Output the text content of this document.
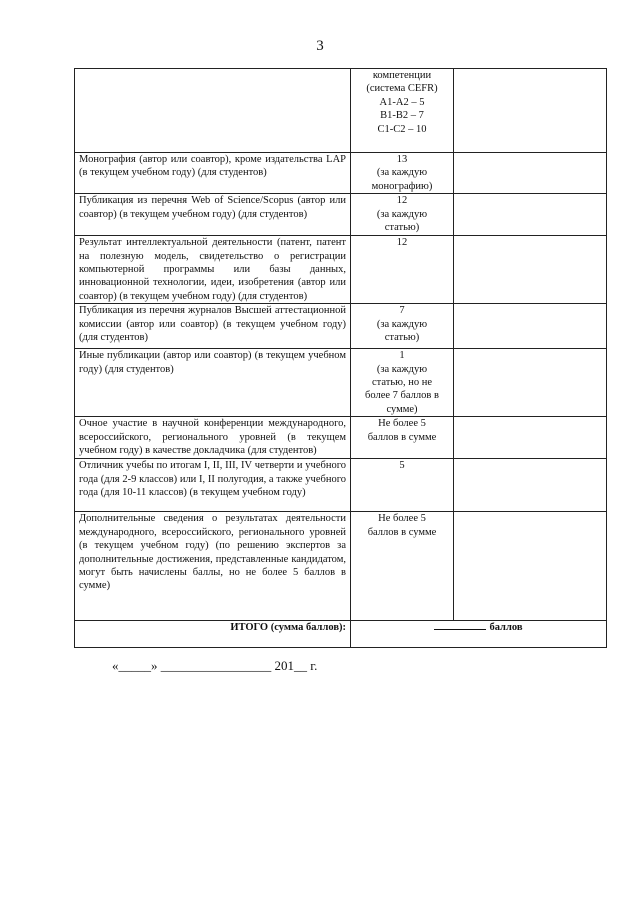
3

	компетенции
(система CEFR)
А1-А2 – 5
В1-В2 – 7
С1-С2 – 10	

Монография (автор или соавтор), кроме издательства LAP (в текущем учебном году) (для студентов)	13
(за каждую
монографию)	

Публикация из перечня Web of Science/Scopus (автор или соавтор) (в текущем учебном году) (для студентов)	12
(за каждую
статью)	

Результат интеллектуальной деятельности (патент, патент на полезную модель, свидетельство о регистрации компьютерной программы или базы данных, инновационной технологии, идеи, изобретения (автор или соавтор) (в текущем учебном году) (для студентов)	12	

Публикация из перечня журналов Высшей аттестационной комиссии (автор или соавтор) (в текущем учебном году) (для студентов)	7
(за каждую
статью)	

Иные публикации (автор или соавтор) (в текущем учебном году) (для студентов)	1
(за каждую
статью, но не
более 7 баллов в
сумме)	

Очное участие в научной конференции международного, всероссийского, регионального уровней (в текущем учебном году) в качестве докладчика (для студентов)	Не более 5
баллов в сумме	

Отличник учебы по итогам I, II, III, IV четверти и учебного года (для 2-9 классов) или I, II полугодия, а также учебного года (для 10-11 классов) (в текущем учебном году)	5	

Дополнительные сведения о результатах деятельности международного, всероссийского, регионального уровней (в текущем учебном году) (по решению экспертов за дополнительные достижения, представленные кандидатом, могут быть начислены баллы, но не более 5 баллов в сумме)	Не более 5
баллов в сумме	

ИТОГО (сумма баллов):	баллов	
«_____» _________________ 201__ г.
